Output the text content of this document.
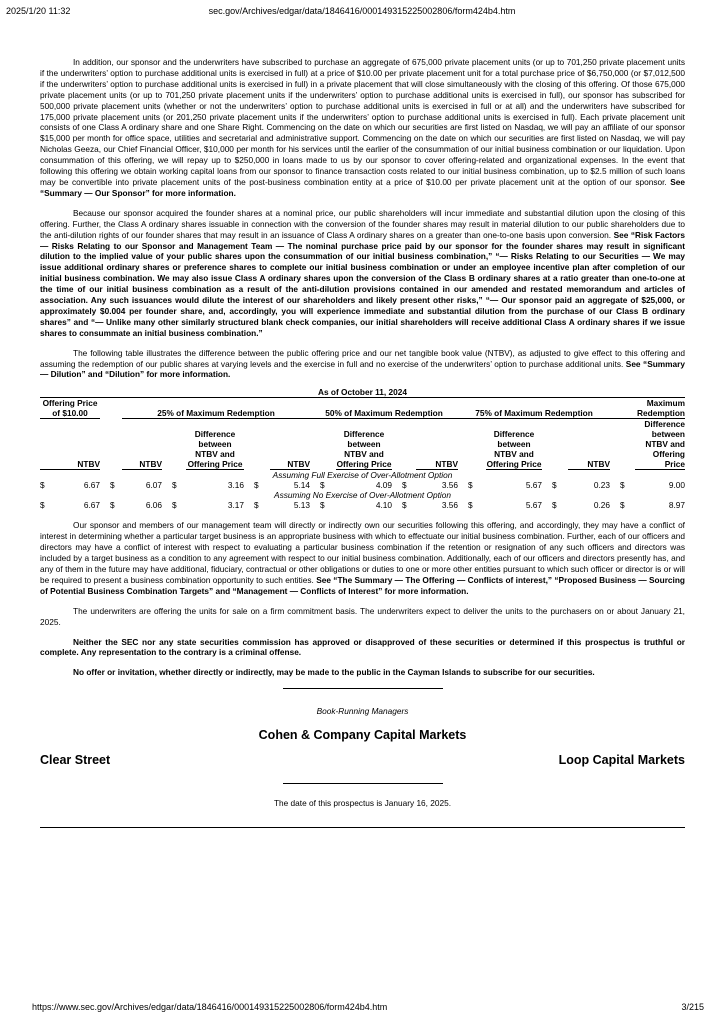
2025/1/20 11:32	sec.gov/Archives/edgar/data/1846416/000149315225002806/form424b4.htm

In addition, our sponsor and the underwriters have subscribed to purchase an aggregate of 675,000 private placement units (or up to 701,250 private placement units if the underwriters’ option to purchase additional units is exercised in full) at a price of $10.00 per private placement unit for a total purchase price of $6,750,000 (or $7,012,500 if the underwriters’ option to purchase additional units is exercised in full) in a private placement that will close simultaneously with the closing of this offering. Of those 675,000 private placement units (or up to 701,250 private placement units if the underwriters’ option to purchase additional units is exercised in full), our sponsor has subscribed for 500,000 private placement units (whether or not the underwriters’ option to purchase additional units is exercised in full or at all) and the underwriters have subscribed for 175,000 private placement units (or 201,250 private placement units if the underwriters’ option to purchase additional units is exercised in full). Each private placement unit consists of one Class A ordinary share and one Share Right. Commencing on the date on which our securities are first listed on Nasdaq, we will pay an affiliate of our sponsor $15,000 per month for office space, utilities and secretarial and administrative support. Commencing on the date on which our securities are first listed on Nasdaq, we will pay Nicholas Geeza, our Chief Financial Officer, $10,000 per month for his services until the earlier of the consummation of our initial business combination or our liquidation. Upon consummation of this offering, we will repay up to $250,000 in loans made to us by our sponsor to cover offering-related and organizational expenses. In the event that following this offering we obtain working capital loans from our sponsor to finance transaction costs related to our initial business combination, up to $2.5 million of such loans may be convertible into private placement units of the post-business combination entity at a price of $10.00 per private placement unit at the option of our sponsor. See “Summary — Our Sponsor” for more information.

Because our sponsor acquired the founder shares at a nominal price, our public shareholders will incur immediate and substantial dilution upon the closing of this offering. Further, the Class A ordinary shares issuable in connection with the conversion of the founder shares may result in material dilution to our public shareholders due to the anti-dilution rights of our founder shares that may result in an issuance of Class A ordinary shares on a greater than one-to-one basis upon conversion. See “Risk Factors — Risks Relating to our Sponsor and Management Team — The nominal purchase price paid by our sponsor for the founder shares may result in significant dilution to the implied value of your public shares upon the consummation of our initial business combination,” “— Risks Relating to our Securities — We may issue additional ordinary shares or preference shares to complete our initial business combination or under an employee incentive plan after completion of our initial business combination. We may also issue Class A ordinary shares upon the conversion of the Class B ordinary shares at a ratio greater than one-to-one at the time of our initial business combination as a result of the anti-dilution provisions contained in our amended and restated memorandum and articles of association. Any such issuances would dilute the interest of our shareholders and likely present other risks,” “— Our sponsor paid an aggregate of $25,000, or approximately $0.004 per founder share, and, accordingly, you will experience immediate and substantial dilution from the purchase of our Class B ordinary shares” and “— Unlike many other similarly structured blank check companies, our initial shareholders will receive additional Class A ordinary shares if we issue shares to consummate an initial business combination.”

The following table illustrates the difference between the public offering price and our net tangible book value (NTBV), as adjusted to give effect to this offering and assuming the redemption of our public shares at varying levels and the exercise in full and no exercise of the underwriters’ option to purchase additional units. See “Summary — Dilution” and “Dilution” for more information.

As of October 11, 2024																	
Offering Price of $10.00			25% of Maximum Redemption					50% of Maximum Redemption				75% of Maximum Redemption				Maximum Redemption	
NTBV			NTBV		Difference between NTBV and Offering Price		NTBV		Difference between NTBV and Offering Price		NTBV		Difference between NTBV and Offering Price		NTBV		Difference between NTBV and Offering Price
Assuming Full Exercise of Over-Allotment Option																	
$	6.67	$	6.07	$	3.16	$	5.14	$	4.09	$	3.56	$	5.67	$	0.23	$	9.00
Assuming No Exercise of Over-Allotment Option																	
$	6.67	$	6.06	$	3.17	$	5.13	$	4.10	$	3.56	$	5.67	$	0.26	$	8.97

Our sponsor and members of our management team will directly or indirectly own our securities following this offering, and accordingly, they may have a conflict of interest in determining whether a particular target business is an appropriate business with which to effectuate our initial business combination. Further, each of our officers and directors may have a conflict of interest with respect to evaluating a particular business combination if the retention or resignation of any such officers and directors was included by a target business as a condition to any agreement with respect to our initial business combination. Additionally, each of our officers and directors presently has, and any of them in the future may have additional, fiduciary, contractual or other obligations or duties to one or more other entities pursuant to which such officer or director is or will be required to present a business combination opportunity to such entities. See “The Summary — The Offering — Conflicts of interest,” “Proposed Business — Sourcing of Potential Business Combination Targets” and “Management — Conflicts of Interest” for more information.

The underwriters are offering the units for sale on a firm commitment basis. The underwriters expect to deliver the units to the purchasers on or about January 21, 2025.

Neither the SEC nor any state securities commission has approved or disapproved of these securities or determined if this prospectus is truthful or complete. Any representation to the contrary is a criminal offense.

No offer or invitation, whether directly or indirectly, may be made to the public in the Cayman Islands to subscribe for our securities.

Book-Running Managers
Cohen & Company Capital Markets
Clear Street	Loop Capital Markets
The date of this prospectus is January 16, 2025.
https://www.sec.gov/Archives/edgar/data/1846416/000149315225002806/form424b4.htm	3/215
